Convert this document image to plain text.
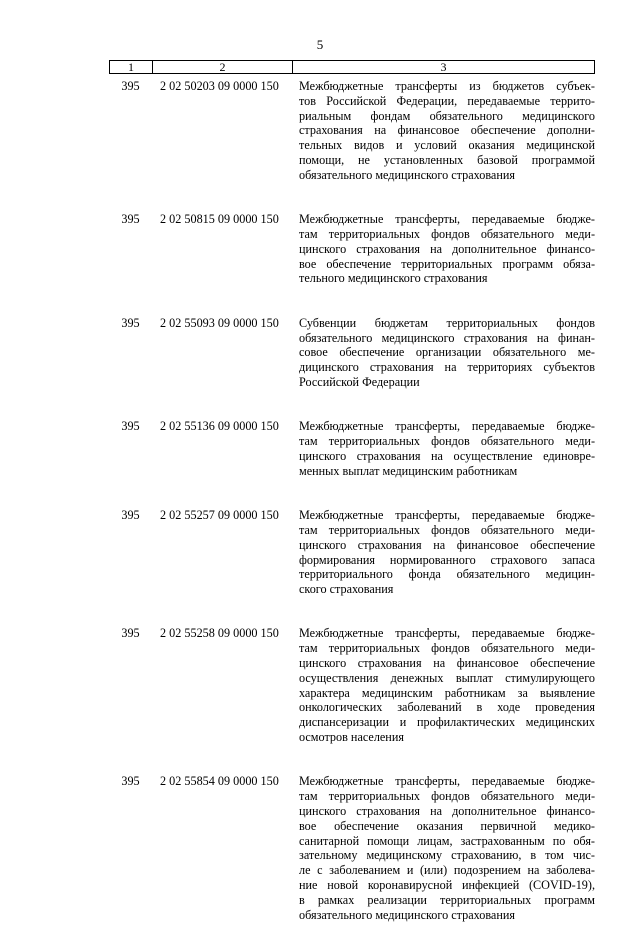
5
1	2	3
395	2 02 50203 09 0000 150	Межбюджетные трансферты из бюджетов субъек-
тов Российской Федерации, передаваемые террито-
риальным фондам обязательного медицинского
страхования на финансовое обеспечение дополни-
тельных видов и условий оказания медицинской
помощи, не установленных базовой программой
обязательного медицинского страхования
395	2 02 50815 09 0000 150	Межбюджетные трансферты, передаваемые бюдже-
там территориальных фондов обязательного меди-
цинского страхования на дополнительное финансо-
вое обеспечение территориальных программ обяза-
тельного медицинского страхования
395	2 02 55093 09 0000 150	Субвенции бюджетам территориальных фондов
обязательного медицинского страхования на финан-
совое обеспечение организации обязательного ме-
дицинского страхования на территориях субъектов
Российской Федерации
395	2 02 55136 09 0000 150	Межбюджетные трансферты, передаваемые бюдже-
там территориальных фондов обязательного меди-
цинского страхования на осуществление единовре-
менных выплат медицинским работникам
395	2 02 55257 09 0000 150	Межбюджетные трансферты, передаваемые бюдже-
там территориальных фондов обязательного меди-
цинского страхования на финансовое обеспечение
формирования нормированного страхового запаса
территориального фонда обязательного медицин-
ского страхования
395	2 02 55258 09 0000 150	Межбюджетные трансферты, передаваемые бюдже-
там территориальных фондов обязательного меди-
цинского страхования на финансовое обеспечение
осуществления денежных выплат стимулирующего
характера медицинским работникам за выявление
онкологических заболеваний в ходе проведения
диспансеризации и профилактических медицинских
осмотров населения
395	2 02 55854 09 0000 150	Межбюджетные трансферты, передаваемые бюдже-
там территориальных фондов обязательного меди-
цинского страхования на дополнительное финансо-
вое обеспечение оказания первичной медико-
санитарной помощи лицам, застрахованным по обя-
зательному медицинскому страхованию, в том чис-
ле с заболеванием и (или) подозрением на заболева-
ние новой коронавирусной инфекцией (COVID-19),
в рамках реализации территориальных программ
обязательного медицинского страхования
